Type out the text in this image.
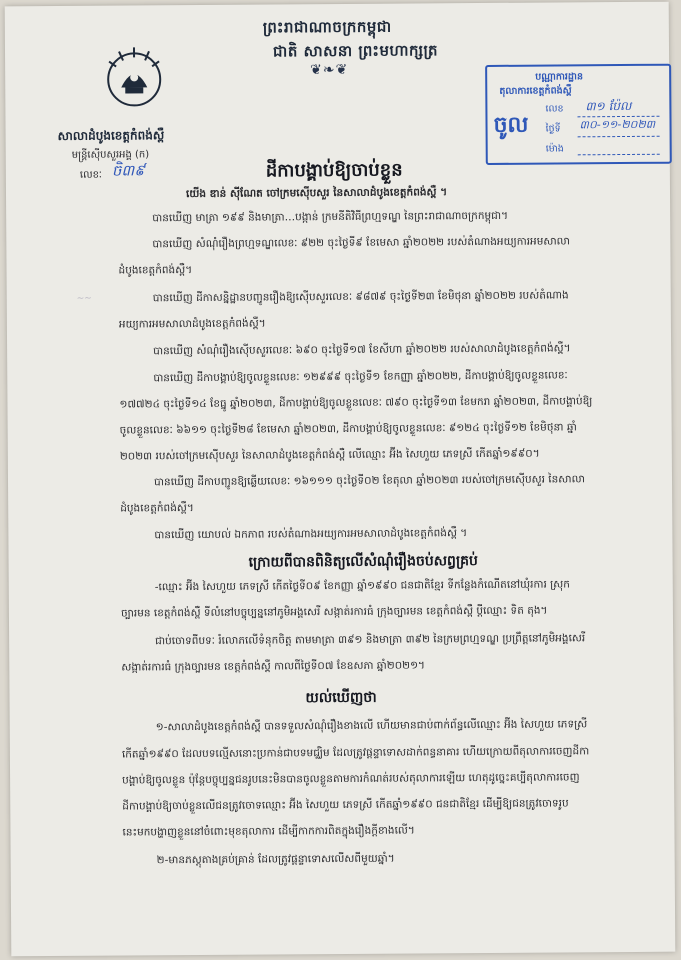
ព្រះរាជាណាចក្រកម្ពុជា
ជាតិ សាសនា ព្រះមហាក្សត្រ
❦❧❦
សាលាដំបូងខេត្តកំពង់ស្ពឺ
មន្ត្រីស៊ើបសួរអង្គ (ក)
លេខៈ ចិ៣៩
បណ្ណាការដ្ឋាន
តុលាការខេត្តកំពង់ស្ពឺ
ចូល
លេខ ៣១ ប៉ែល
ថ្ងៃទី ៣០-១១-២០២៣
ម៉ោង
ដីកាបង្គាប់ឱ្យចាប់ខ្លួន
យើង ឌាន់ សុីណែត ចៅក្រមស៊ើបសួរ នៃសាលាដំបូងខេត្តកំពង់ស្ពឺ ។
~~
បានឃើញ មាត្រា ១៩៩ និងមាត្រា…បង្កាន់ ក្រមនីតិវិធីព្រហ្មទណ្ឌ នៃព្រះរាជាណាចក្រកម្ពុជា។
បានឃើញ សំណុំរឿងព្រហ្មទណ្ឌលេខៈ ៩២២ ចុះថ្ងៃទី៩ ខែមេសា ឆ្នាំ២០២២ របស់តំណាងអយ្យការអមសាលា
ដំបូងខេត្តកំពង់ស្ពឺ។
បានឃើញ ដីកាសន្និដ្ឋានបញ្ជូនរឿងឱ្យស៊ើបសួរលេខៈ ៩៨៧៩ ចុះថ្ងៃទី២៣ ខែមិថុនា ឆ្នាំ២០២២ របស់តំណាង
អយ្យការអមសាលាដំបូងខេត្តកំពង់ស្ពឺ។
បានឃើញ សំណុំរឿងស៊ើបសួរលេខៈ ៦៩០ ចុះថ្ងៃទី១៧ ខែសីហា ឆ្នាំ២០២២ របស់សាលាដំបូងខេត្តកំពង់ស្ពឺ។
បានឃើញ ដីកាបង្គាប់ឱ្យចូលខ្លួនលេខៈ ១២៩៩៩ ចុះថ្ងៃទី១ ខែកញ្ញា ឆ្នាំ២០២២, ដីកាបង្គាប់ឱ្យចូលខ្លួនលេខៈ
១៧៧២៤ ចុះថ្ងៃទី១៤ ខែធ្នូ ឆ្នាំ២០២៣, ដីកាបង្គាប់ឱ្យចូលខ្លួនលេខៈ ៧៩០ ចុះថ្ងៃទី១៣ ខែមករា ឆ្នាំ២០២៣, ដីកាបង្គាប់ឱ្យ
ចូលខ្លួនលេខៈ ៦៦១១ ចុះថ្ងៃទី២៨ ខែមេសា ឆ្នាំ២០២៣, ដីកាបង្គាប់ឱ្យចូលខ្លួនលេខៈ ៩១២៤ ចុះថ្ងៃទី១២ ខែមិថុនា ឆ្នាំ
២០២៣ របស់ចៅក្រមស៊ើបសួរ នៃសាលាដំបូងខេត្តកំពង់ស្ពឺ លើឈ្មោះ អ៊ីង សៃហួយ ភេទស្រី កើតឆ្នាំ១៩៩០។
បានឃើញ ដីកាបញ្ជូនឱ្យឆ្លើយលេខៈ ១៦១១១ ចុះថ្ងៃទី០២ ខែតុលា ឆ្នាំ២០២៣ របស់ចៅក្រមស៊ើបសួរ នៃសាលា
ដំបូងខេត្តកំពង់ស្ពឺ។
បានឃើញ យោបល់ ឯកភាព របស់តំណាងអយ្យការអមសាលាដំបូងខេត្តកំពង់ស្ពឺ ។
ក្រោយពីបានពិនិត្យលើសំណុំរឿងចប់សព្វគ្រប់
-ឈ្មោះ អ៊ីង សៃហួយ ភេទស្រី កើតថ្ងៃទី០៩ ខែកញ្ញា ឆ្នាំ១៩៩០ ជនជាតិខ្មែរ ទីកន្លែងកំណើតនៅឃុំរការ ស្រុក
ច្បារមន ខេត្តកំពង់ស្ពឺ ទីលំនៅបច្ចុប្បន្ននៅភូមិអង្គសេរី សង្កាត់រការធំ ក្រុងច្បារមន ខេត្តកំពង់ស្ពឺ ប្ដីឈ្មោះ ទិត តុង។
ជាប់ចោទពីបទៈ រំលោភលើទំនុកចិត្ត តាមមាត្រា ៣៩១ និងមាត្រា ៣៩២ នៃក្រមព្រហ្មទណ្ឌ ប្រព្រឹត្តនៅភូមិអង្គសេរី
សង្កាត់រការធំ ក្រុងច្បារមន ខេត្តកំពង់ស្ពឺ កាលពីថ្ងៃទី០៧ ខែឧសភា ឆ្នាំ២០២១។
យល់ឃើញថា
១-សាលាដំបូងខេត្តកំពង់ស្ពឺ បានទទួលសំណុំរឿងខាងលើ ហើយមានជាប់ពាក់ព័ន្ធលើឈ្មោះ អ៊ីង សៃហួយ ភេទស្រី
កើតឆ្នាំ១៩៩០ ដែលបទល្មើសនោះប្រកាន់ជាបទមជ្ឈិម ដែលត្រូវផ្ដន្ទាទោសដាក់ពន្ធនាគារ ហើយក្រោយពីតុលាការចេញដីកា
បង្គាប់ឱ្យចូលខ្លួន ប៉ុន្តែបច្ចុប្បន្នជនរូបនេះមិនបានចូលខ្លួនតាមការកំណត់របស់តុលាការឡើយ ហេតុដូច្នេះគប្បីតុលាការចេញ
ដីកាបង្គាប់ឱ្យចាប់ខ្លួនលើជនត្រូវចោទឈ្មោះ អ៊ីង សៃហួយ ភេទស្រី កើតឆ្នាំ១៩៩០ ជនជាតិខ្មែរ ដើម្បីឱ្យជនត្រូវចោទរូប
នេះមកបង្ហាញខ្លួននៅចំពោះមុខតុលាការ ដើម្បីកាកការពិតក្នុងរឿងក្ដីខាងលើ។
២-មានភស្តុតាងគ្រប់គ្រាន់ ដែលត្រូវផ្ដន្ទាទោសលើសពីមួយឆ្នាំ។
